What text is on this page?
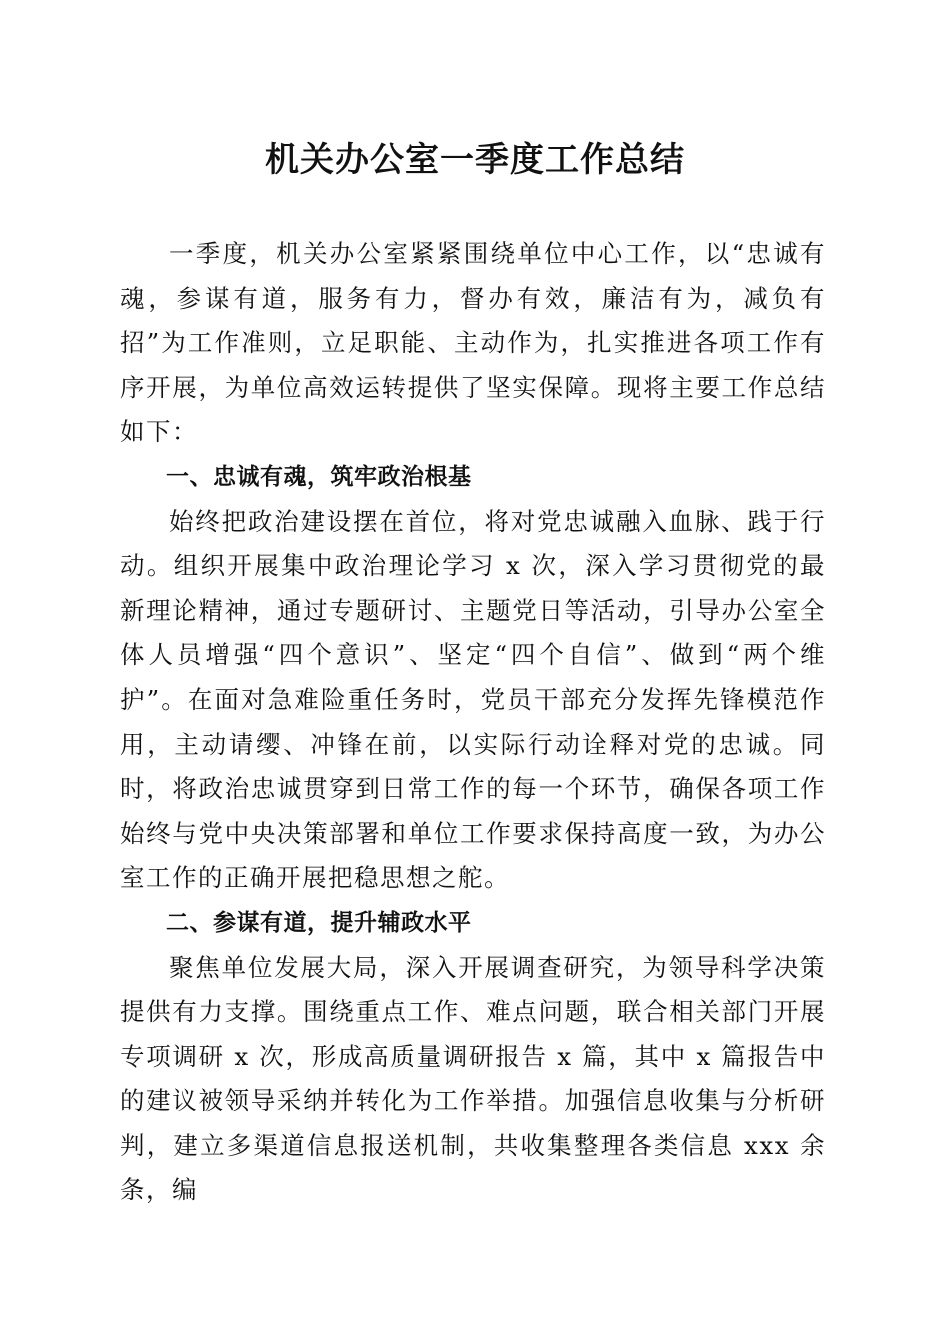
机关办公室一季度工作总结

一季度，机关办公室紧紧围绕单位中心工作，以“忠诚有魂，参谋有道，服务有力，督办有效，廉洁有为，减负有招”为工作准则，立足职能、主动作为，扎实推进各项工作有序开展，为单位高效运转提供了坚实保障。现将主要工作总结如下：

一、忠诚有魂，筑牢政治根基

始终把政治建设摆在首位，将对党忠诚融入血脉、践于行动。组织开展集中政治理论学习 x 次，深入学习贯彻党的最新理论精神，通过专题研讨、主题党日等活动，引导办公室全体人员增强“四个意识”、坚定“四个自信”、做到“两个维护”。在面对急难险重任务时，党员干部充分发挥先锋模范作用，主动请缨、冲锋在前，以实际行动诠释对党的忠诚。同时，将政治忠诚贯穿到日常工作的每一个环节，确保各项工作始终与党中央决策部署和单位工作要求保持高度一致，为办公室工作的正确开展把稳思想之舵。

二、参谋有道，提升辅政水平

聚焦单位发展大局，深入开展调查研究，为领导科学决策提供有力支撑。围绕重点工作、难点问题，联合相关部门开展专项调研 x 次，形成高质量调研报告 x 篇，其中 x 篇报告中的建议被领导采纳并转化为工作举措。加强信息收集与分析研判，建立多渠道信息报送机制，共收集整理各类信息 xxx 余条，编
